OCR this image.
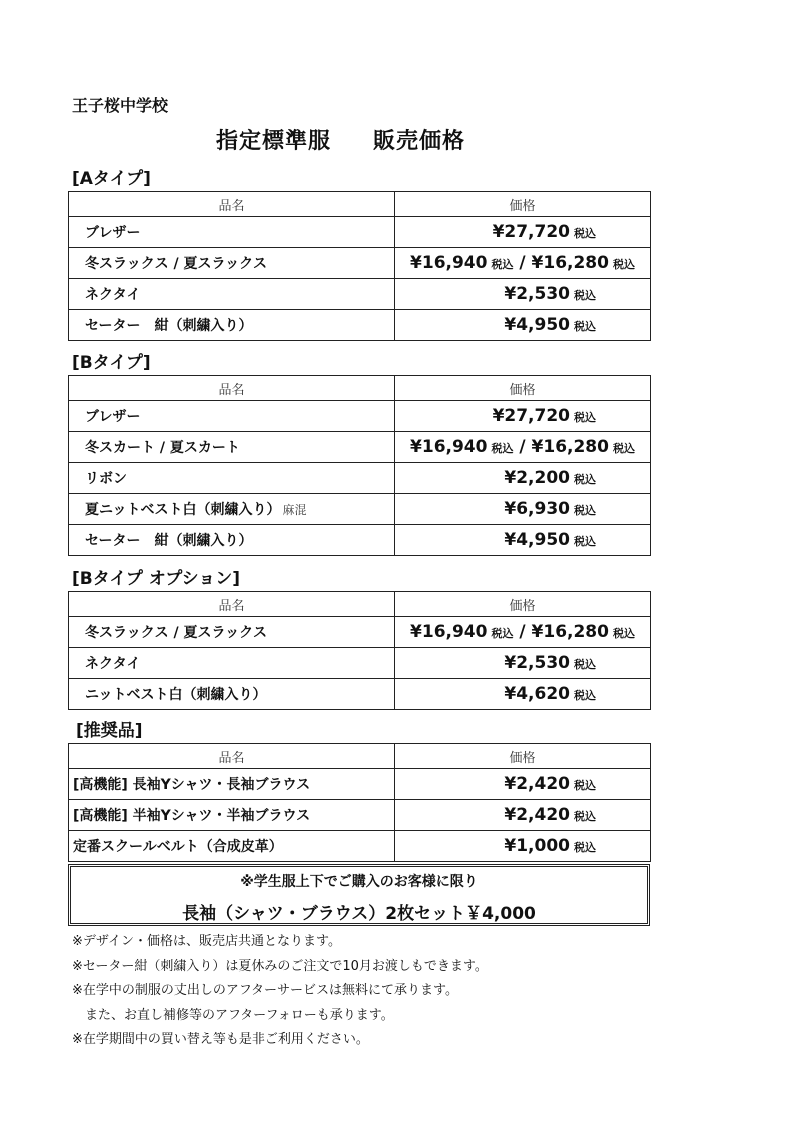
王子桜中学校
指定標準服 販売価格
[Aタイプ]
品名	価格
ブレザー	¥27,720 税込
冬スラックス / 夏スラックス	¥16,940 税込 / ¥16,280 税込
ネクタイ	¥2,530 税込
セーター　紺（刺繍入り）	¥4,950 税込
[Bタイプ]
品名	価格
ブレザー	¥27,720 税込
冬スカート / 夏スカート	¥16,940 税込 / ¥16,280 税込
リボン	¥2,200 税込
夏ニットベスト白（刺繍入り） 麻混	¥6,930 税込
セーター　紺（刺繍入り）	¥4,950 税込
[Bタイプ オプション]
品名	価格
冬スラックス / 夏スラックス	¥16,940 税込 / ¥16,280 税込
ネクタイ	¥2,530 税込
ニットベスト白（刺繍入り）	¥4,620 税込
[推奨品]
品名	価格
[高機能] 長袖Yシャツ・長袖ブラウス	¥2,420 税込
[高機能] 半袖Yシャツ・半袖ブラウス	¥2,420 税込
定番スクールベルト（合成皮革）	¥1,000 税込
※学生服上下でご購入のお客様に限り
長袖（シャツ・ブラウス）2枚セット￥4,000
※デザイン・価格は、販売店共通となります。
※セーター紺（刺繍入り）は夏休みのご注文で10月お渡しもできます。
※在学中の制服の丈出しのアフターサービスは無料にて承ります。
　また、お直し補修等のアフターフォローも承ります。
※在学期間中の買い替え等も是非ご利用ください。
